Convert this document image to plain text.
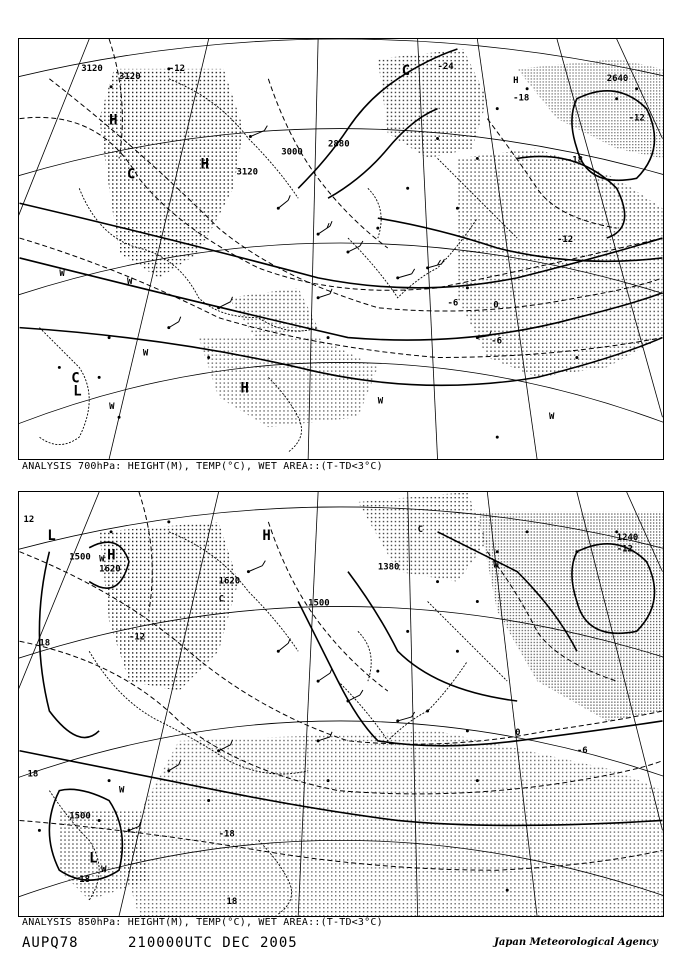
H
H
H
C
C
C
L
W
W
W
W
W
W
H
3120
3120
3120
3000
2880
2640
-12
-12
-12
-18
-18
-24
-6	0
-6
ANALYSIS 700hPa: HEIGHT(M), TEMP(°C), WET AREA::(T-TD<3°C)
L
H
H
L
W
W
W
C
C
W
1500
1500
1500
1620
1620
1380
1240
12
-12
18
18
18
-18
18
0
-6
-12
ANALYSIS 850hPa: HEIGHT(M), TEMP(°C), WET AREA::(T-TD<3°C)
AUPQ78	210000UTC DEC 2005	Japan Meteorological Agency
